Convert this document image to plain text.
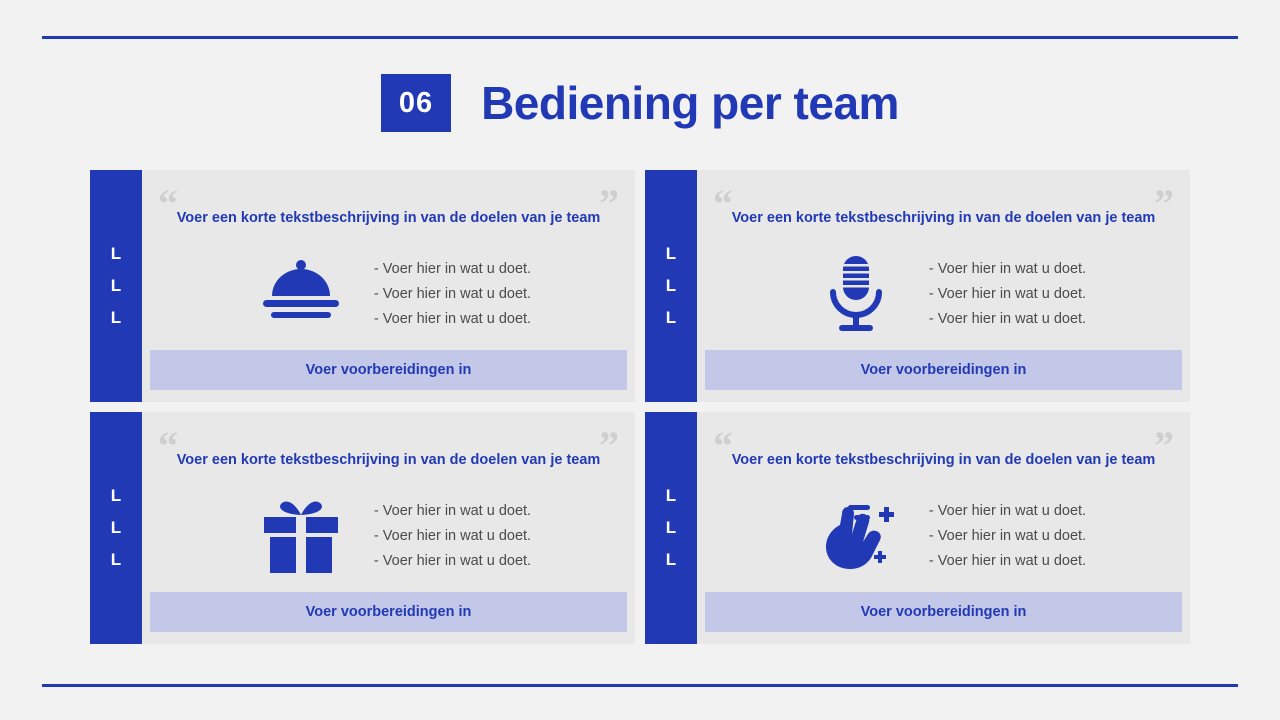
06	Bediening per team
L
L
L
“	”
Voer een korte tekstbeschrijving in van de doelen van je team
- Voer hier in wat u doet.
- Voer hier in wat u doet.
- Voer hier in wat u doet.
Voer voorbereidingen in
L
L
L
“	”
Voer een korte tekstbeschrijving in van de doelen van je team
- Voer hier in wat u doet.
- Voer hier in wat u doet.
- Voer hier in wat u doet.
Voer voorbereidingen in
L
L
L
“	”
Voer een korte tekstbeschrijving in van de doelen van je team
- Voer hier in wat u doet.
- Voer hier in wat u doet.
- Voer hier in wat u doet.
Voer voorbereidingen in
L
L
L
“	”
Voer een korte tekstbeschrijving in van de doelen van je team
- Voer hier in wat u doet.
- Voer hier in wat u doet.
- Voer hier in wat u doet.
Voer voorbereidingen in
